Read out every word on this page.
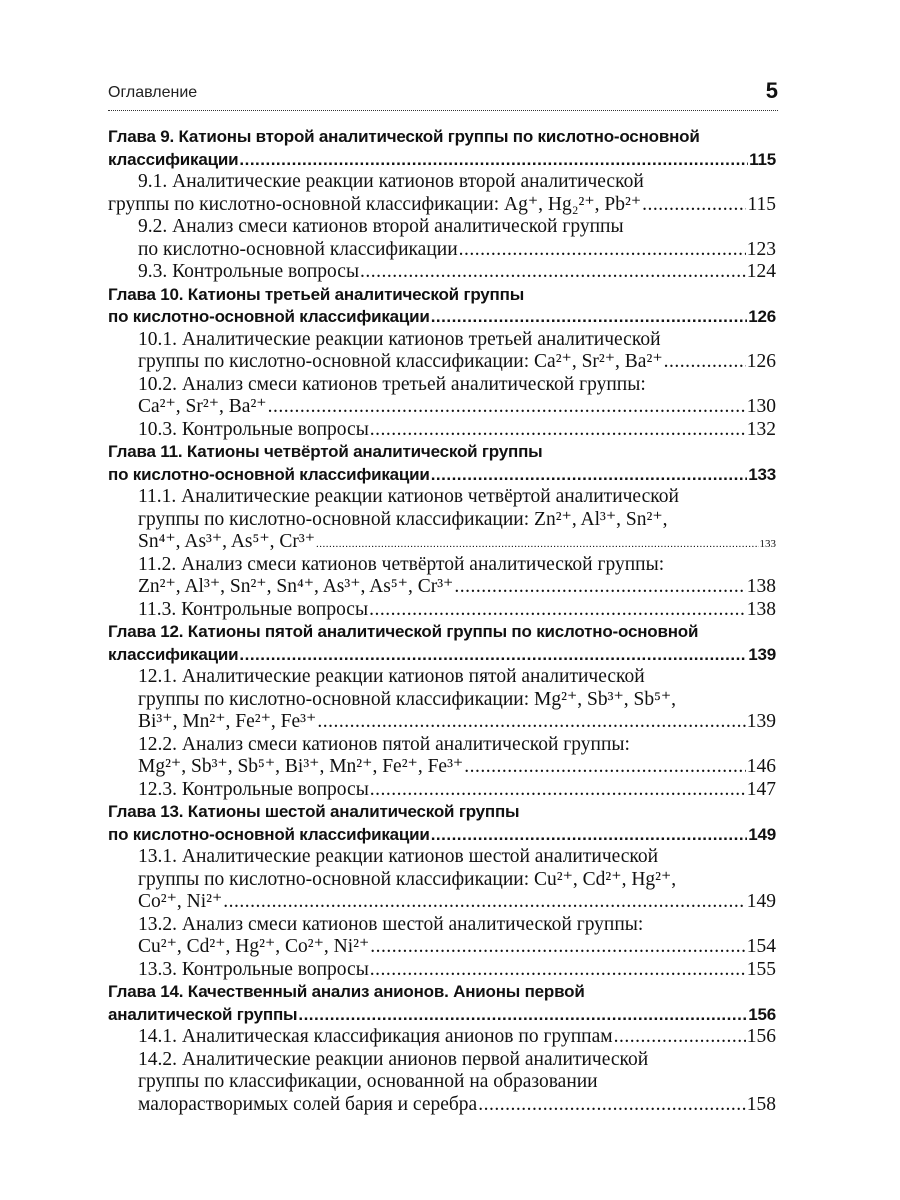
Оглавление	5
Глава 9. Катионы второй аналитической группы по кислотно-основной
классификации .....	115
9.1. Аналитические реакции катионов второй аналитической
группы по кислотно-основной классификации: Ag⁺, Hg₂²⁺, Pb²⁺ .....	115
9.2. Анализ смеси катионов второй аналитической группы
по кислотно-основной классификации .....	123
9.3. Контрольные вопросы .....	124
Глава 10. Катионы третьей аналитической группы
по кислотно-основной классификации .....	126
10.1. Аналитические реакции катионов третьей аналитической
группы по кислотно-основной классификации: Ca²⁺, Sr²⁺, Ba²⁺ .....	126
10.2. Анализ смеси катионов третьей аналитической группы:
Ca²⁺, Sr²⁺, Ba²⁺ .....	130
10.3. Контрольные вопросы .....	132
Глава 11. Катионы четвёртой аналитической группы
по кислотно-основной классификации .....	133
11.1. Аналитические реакции катионов четвёртой аналитической
группы по кислотно-основной классификации: Zn²⁺, Al³⁺, Sn²⁺,
Sn⁴⁺, As³⁺, As⁵⁺, Cr³⁺ .....	133
11.2. Анализ смеси катионов четвёртой аналитической группы:
Zn²⁺, Al³⁺, Sn²⁺, Sn⁴⁺, As³⁺, As⁵⁺, Cr³⁺ .....	138
11.3. Контрольные вопросы .....	138
Глава 12. Катионы пятой аналитической группы по кислотно-основной
классификации .....	139
12.1. Аналитические реакции катионов пятой аналитической
группы по кислотно-основной классификации: Mg²⁺, Sb³⁺, Sb⁵⁺,
Bi³⁺, Mn²⁺, Fe²⁺, Fe³⁺ .....	139
12.2. Анализ смеси катионов пятой аналитической группы:
Mg²⁺, Sb³⁺, Sb⁵⁺, Bi³⁺, Mn²⁺, Fe²⁺, Fe³⁺ .....	146
12.3. Контрольные вопросы .....	147
Глава 13. Катионы шестой аналитической группы
по кислотно-основной классификации .....	149
13.1. Аналитические реакции катионов шестой аналитической
группы по кислотно-основной классификации: Cu²⁺, Cd²⁺, Hg²⁺,
Co²⁺, Ni²⁺ .....	149
13.2. Анализ смеси катионов шестой аналитической группы:
Cu²⁺, Cd²⁺, Hg²⁺, Co²⁺, Ni²⁺ .....	154
13.3. Контрольные вопросы .....	155
Глава 14. Качественный анализ анионов. Анионы первой
аналитической группы .....	156
14.1. Аналитическая классификация анионов по группам .....	156
14.2. Аналитические реакции анионов первой аналитической
группы по классификации, основанной на образовании
малорастворимых солей бария и серебра .....	158
